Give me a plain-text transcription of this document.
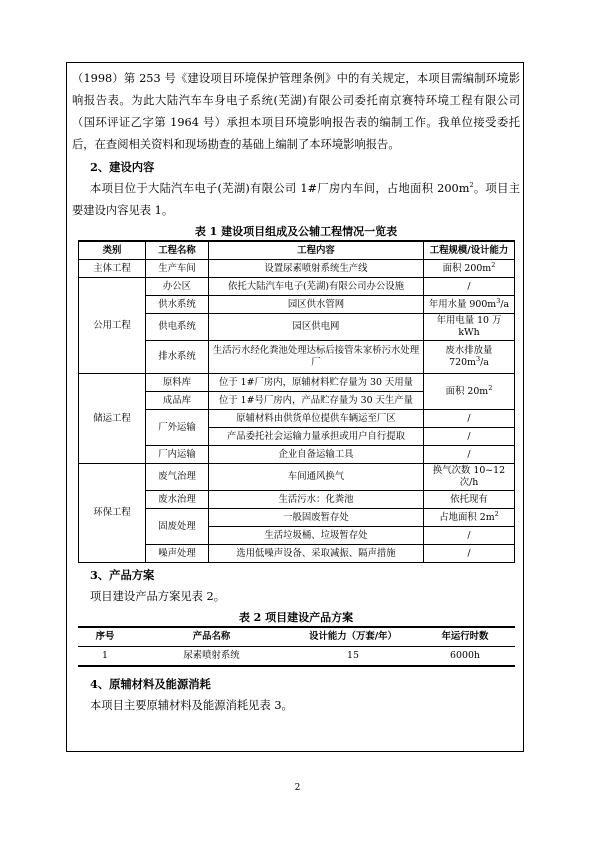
（1998）第 253 号《建设项目环境保护管理条例》中的有关规定，本项目需编制环境影响报告表。为此大陆汽车车身电子系统(芜湖)有限公司委托南京赛特环境工程有限公司（国环评证乙字第 1964 号）承担本项目环境影响报告表的编制工作。我单位接受委托后，在查阅相关资料和现场勘查的基础上编制了本环境影响报告。

2、建设内容

本项目位于大陆汽车电子(芜湖)有限公司 1#厂房内车间，占地面积 $200m^2$。项目主要建设内容见表 1。

表 1 建设项目组成及公辅工程情况一览表
类别	工程名称	工程内容	工程规模/设计能力
主体工程	生产车间	设置尿素喷射系统生产线	面积 $200m^2$
公用工程	办公区	依托大陆汽车电子(芜湖)有限公司办公设施	/
	供水系统	园区供水管网	年用水量 $900m^3/a$
	供电系统	园区供电网	年用电量 10 万 kWh
	排水系统	生活污水经化粪池处理达标后接管朱家桥污水处理厂	废水排放量 $720m^3/a$
储运工程	原料库	位于 1#厂房内，原辅材料贮存量为 30 天用量	面积 $20m^2$
	成品库	位于 1#号厂房内，产品贮存量为 30 天生产量	
	厂外运输	原辅材料由供货单位提供车辆运至厂区	/
		产品委托社会运输力量承担或用户自行提取	/
	厂内运输	企业自备运输工具	/
环保工程	废气治理	车间通风换气	换气次数 10~12 次/h
	废水治理	生活污水：化粪池	依托现有
	固废处理	一般固废暂存处	占地面积 $2m^2$
		生活垃圾桶、垃圾暂存处	/
	噪声处理	选用低噪声设备、采取减振、隔声措施	/

3、产品方案

项目建设产品方案见表 2。

表 2 项目建设产品方案
序号	产品名称	设计能力（万套/年）	年运行时数
1	尿素喷射系统	15	6000h

4、原辅材料及能源消耗

本项目主要原辅材料及能源消耗见表 3。

2
